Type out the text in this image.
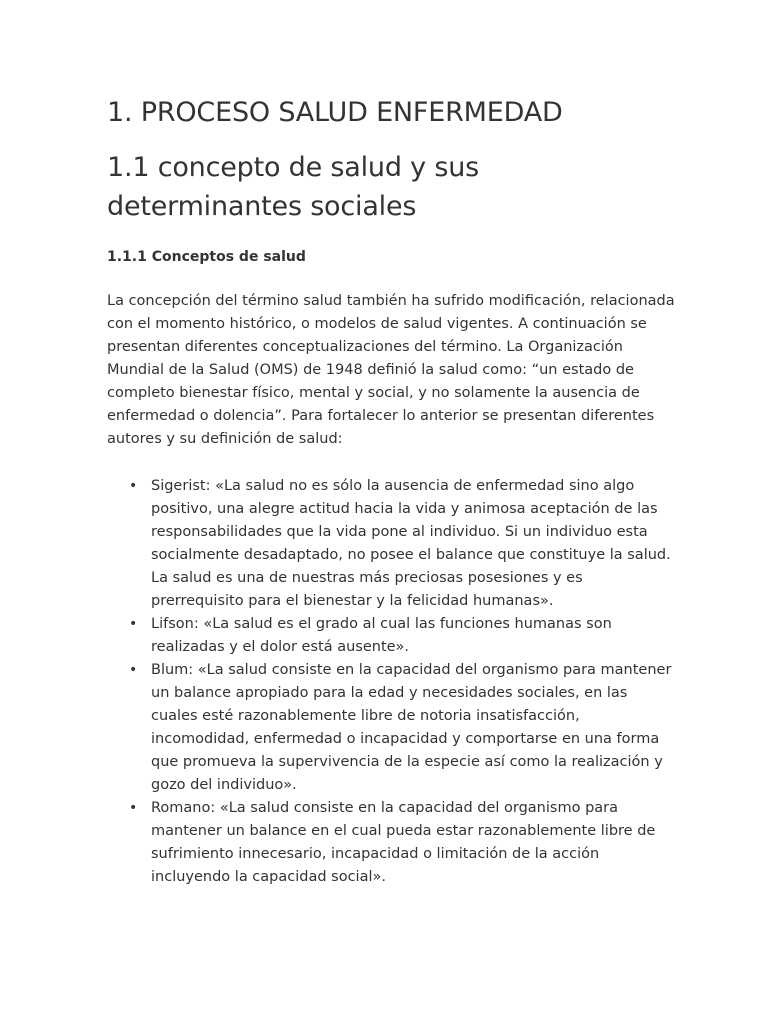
1. PROCESO SALUD ENFERMEDAD
1.1 concepto de salud y sus determinantes sociales
1.1.1 Conceptos de salud

La concepción del término salud también ha sufrido modificación, relacionada con el momento histórico, o modelos de salud vigentes. A continuación se presentan diferentes conceptualizaciones del término. La Organización Mundial de la Salud (OMS) de 1948 definió la salud como: “un estado de completo bienestar físico, mental y social, y no solamente la ausencia de enfermedad o dolencia”. Para fortalecer lo anterior se presentan diferentes autores y su definición de salud:

• Sigerist: «La salud no es sólo la ausencia de enfermedad sino algo positivo, una alegre actitud hacia la vida y animosa aceptación de las responsabilidades que la vida pone al individuo. Si un individuo esta socialmente desadaptado, no posee el balance que constituye la salud. La salud es una de nuestras más preciosas posesiones y es prerrequisito para el bienestar y la felicidad humanas».
• Lifson: «La salud es el grado al cual las funciones humanas son realizadas y el dolor está ausente».
• Blum: «La salud consiste en la capacidad del organismo para mantener un balance apropiado para la edad y necesidades sociales, en las cuales esté razonablemente libre de notoria insatisfacción, incomodidad, enfermedad o incapacidad y comportarse en una forma que promueva la supervivencia de la especie así como la realización y gozo del individuo».
• Romano: «La salud consiste en la capacidad del organismo para mantener un balance en el cual pueda estar razonablemente libre de sufrimiento innecesario, incapacidad o limitación de la acción incluyendo la capacidad social».
